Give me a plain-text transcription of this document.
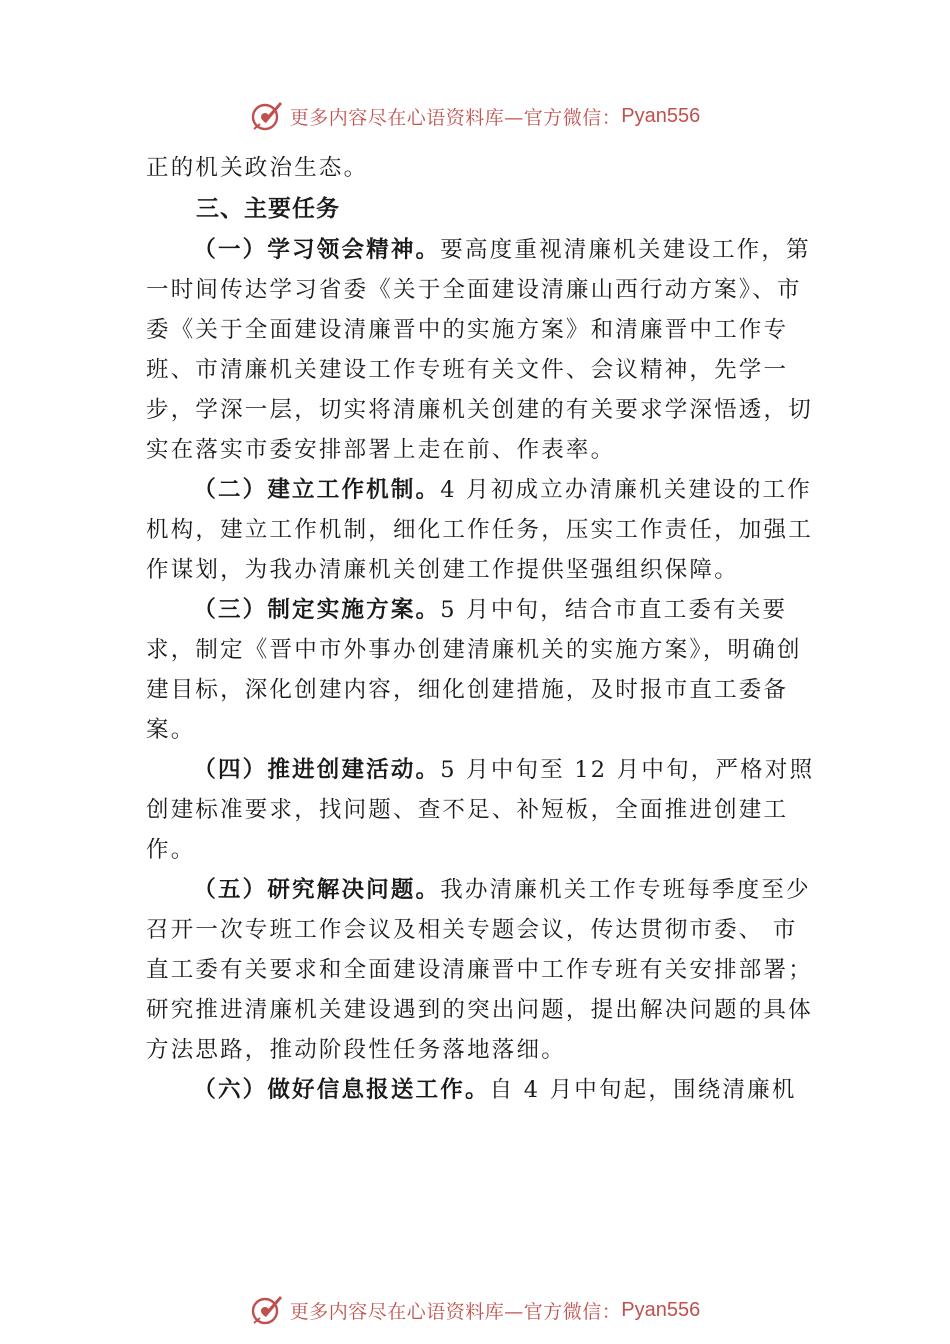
更多内容尽在心语资料库—官方微信： Pyan556

正的机关政治生态。

三、主要任务

（一）学习领会精神。要高度重视清廉机关建设工作，第一时间传达学习省委《关于全面建设清廉山西行动方案》、市委《关于全面建设清廉晋中的实施方案》和清廉晋中工作专班、市清廉机关建设工作专班有关文件、会议精神，先学一步，学深一层，切实将清廉机关创建的有关要求学深悟透，切实在落实市委安排部署上走在前、作表率。

（二）建立工作机制。4 月初成立办清廉机关建设的工作机构，建立工作机制，细化工作任务，压实工作责任，加强工作谋划，为我办清廉机关创建工作提供坚强组织保障。

（三）制定实施方案。5 月中旬，结合市直工委有关要求，制定《晋中市外事办创建清廉机关的实施方案》，明确创建目标，深化创建内容，细化创建措施，及时报市直工委备案。

（四）推进创建活动。5 月中旬至 12 月中旬，严格对照创建标准要求，找问题、查不足、补短板，全面推进创建工作。

（五）研究解决问题。我办清廉机关工作专班每季度至少召开一次专班工作会议及相关专题会议，传达贯彻市委、 市直工委有关要求和全面建设清廉晋中工作专班有关安排部署；研究推进清廉机关建设遇到的突出问题，提出解决问题的具体方法思路，推动阶段性任务落地落细。

（六）做好信息报送工作。自 4 月中旬起，围绕清廉机

更多内容尽在心语资料库—官方微信： Pyan556
